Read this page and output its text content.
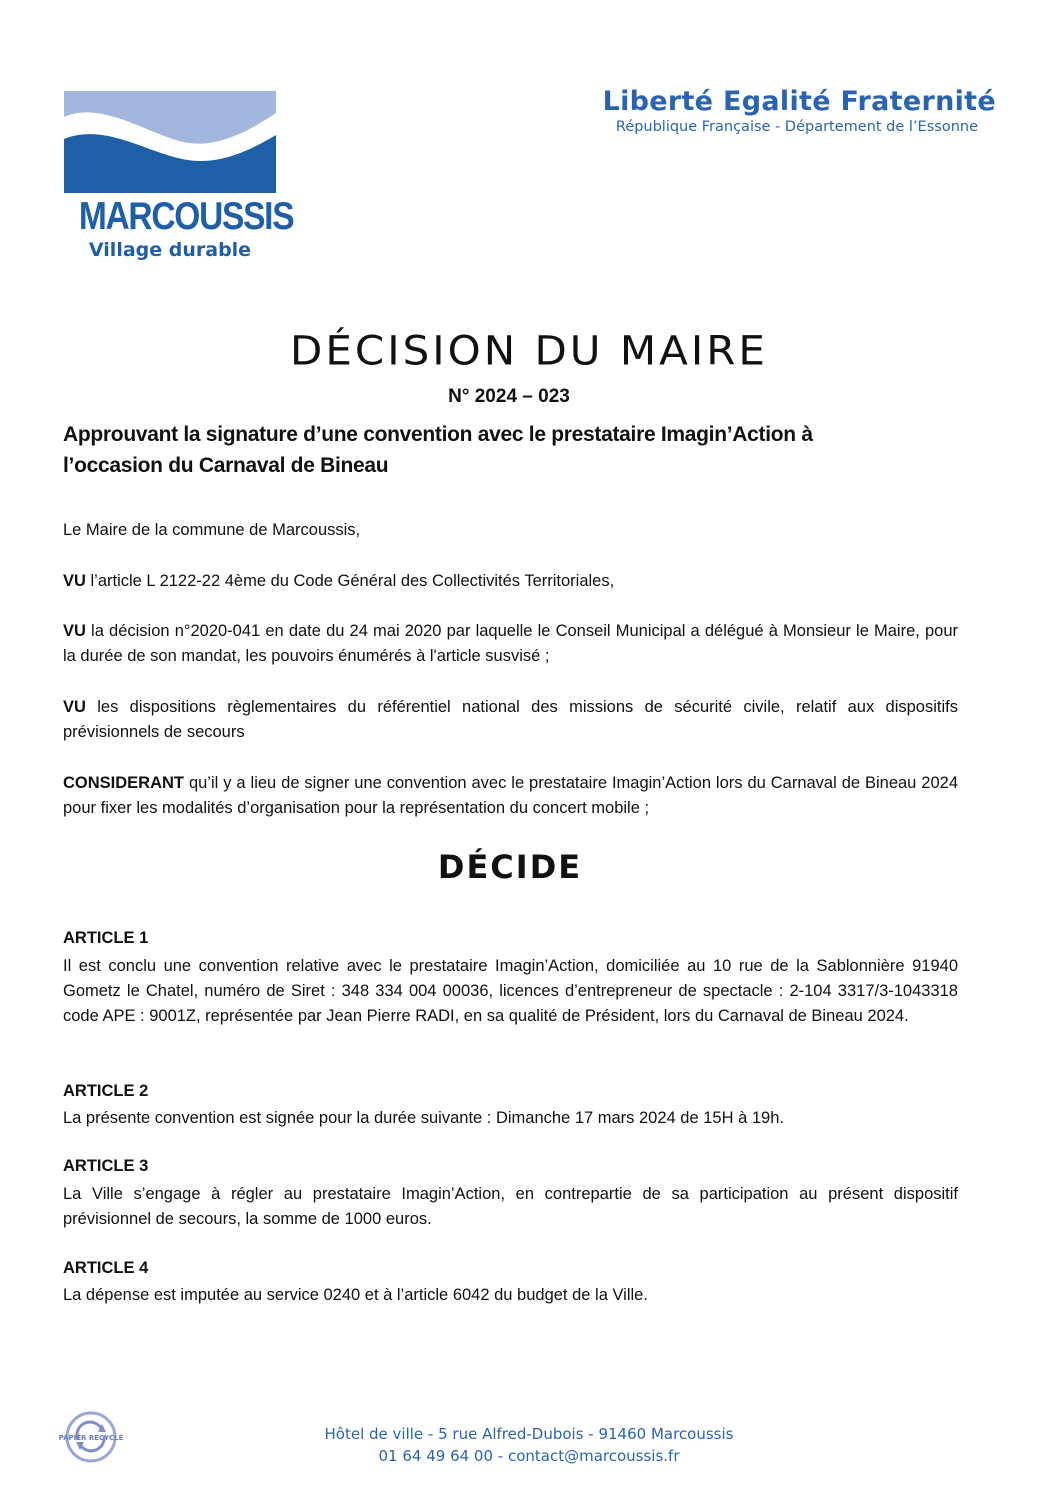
MARCOUSSIS
Village durable
Liberté Egalité Fraternité
République Française - Département de l’Essonne
DÉCISION DU MAIRE
N° 2024 – 023
Approuvant la signature d’une convention avec le prestataire Imagin’Action à
l’occasion du Carnaval de Bineau
Le Maire de la commune de Marcoussis,
VU l’article L 2122-22 4ème du Code Général des Collectivités Territoriales,
VU la décision n°2020-041 en date du 24 mai 2020 par laquelle le Conseil Municipal a délégué à Monsieur le Maire, pour la durée de son mandat, les pouvoirs énumérés à l'article susvisé ;
VU les dispositions règlementaires du référentiel national des missions de sécurité civile, relatif aux dispositifs prévisionnels de secours
CONSIDERANT qu’il y a lieu de signer une convention avec le prestataire Imagin’Action lors du Carnaval de Bineau 2024 pour fixer les modalités d’organisation pour la représentation du concert mobile ;
DÉCIDE
ARTICLE 1
Il est conclu une convention relative avec le prestataire Imagin’Action, domiciliée au 10 rue de la Sablonnière 91940 Gometz le Chatel, numéro de Siret : 348 334 004 00036, licences d’entrepreneur de spectacle : 2-104 3317/3-1043318 code APE : 9001Z, représentée par Jean Pierre RADI, en sa qualité de Président, lors du Carnaval de Bineau 2024.
ARTICLE 2
La présente convention est signée pour la durée suivante : Dimanche 17 mars 2024 de 15H à 19h.
ARTICLE 3
La Ville s’engage à régler au prestataire Imagin’Action, en contrepartie de sa participation au présent dispositif prévisionnel de secours, la somme de 1000 euros.
ARTICLE 4
La dépense est imputée au service 0240 et à l’article 6042 du budget de la Ville.
PAPIER RECYCLÉ	Hôtel de ville - 5 rue Alfred-Dubois - 91460 Marcoussis
01 64 49 64 00 - contact@marcoussis.fr
